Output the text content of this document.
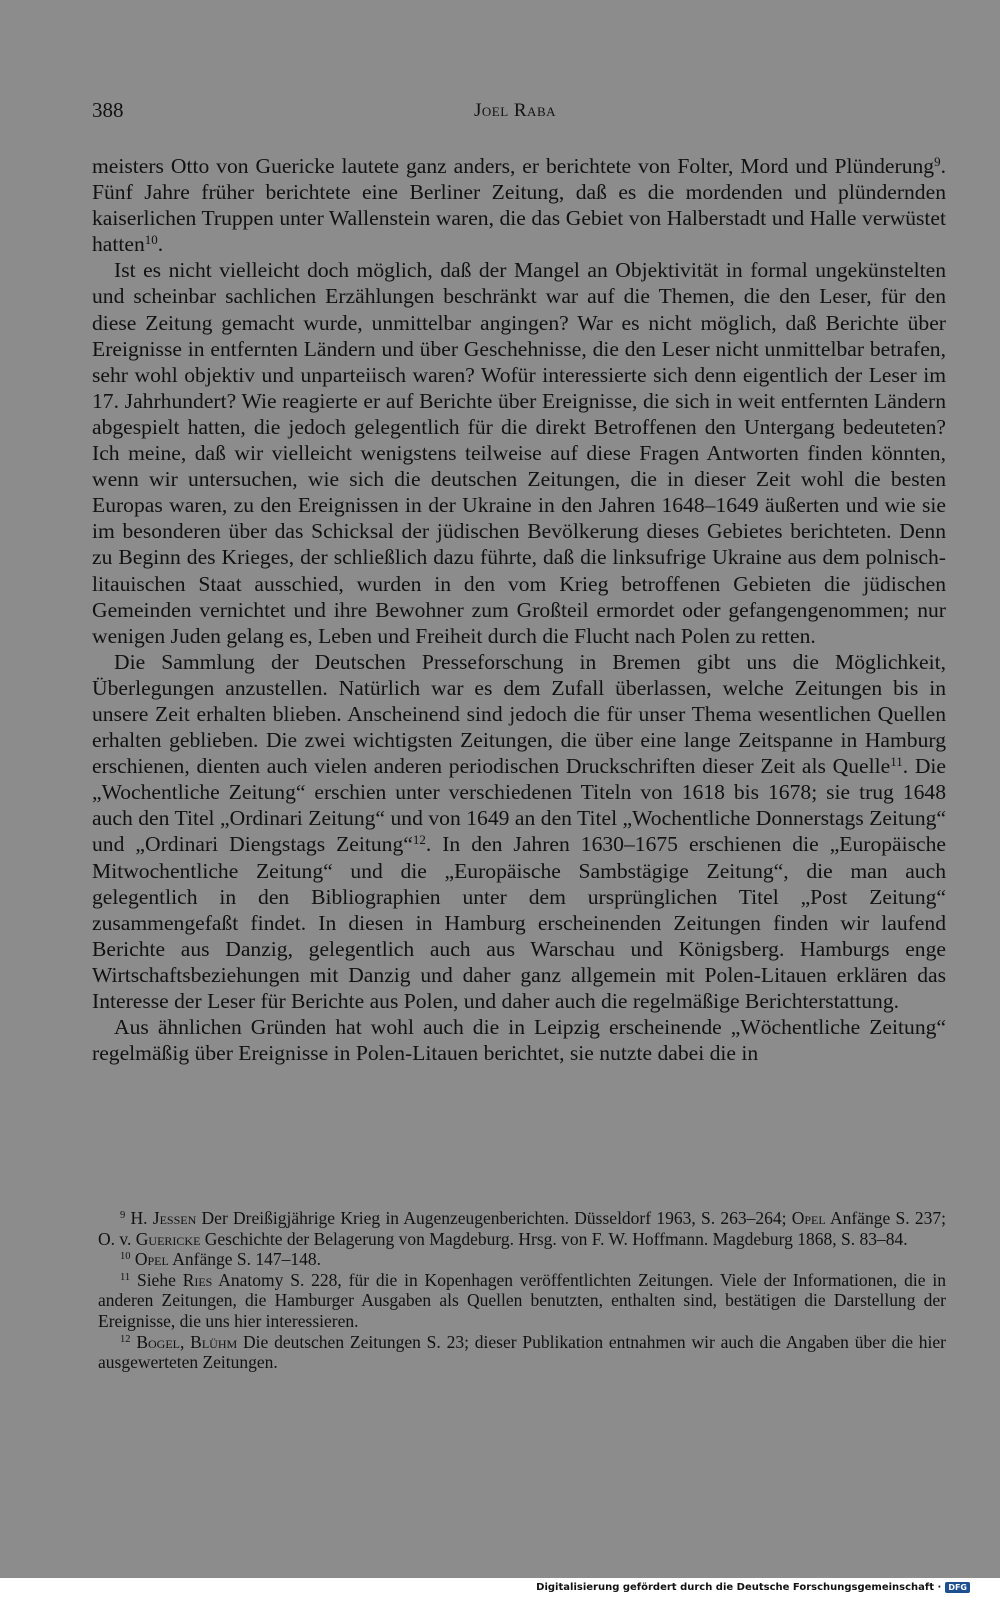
388	Joel Raba

meisters Otto von Guericke lautete ganz anders, er berichtete von Folter, Mord und Plünderung$^9$. Fünf Jahre früher berichtete eine Berliner Zeitung, daß es die mordenden und plündernden kaiserlichen Truppen unter Wallenstein waren, die das Gebiet von Halberstadt und Halle verwüstet hatten$^{10}$.

Ist es nicht vielleicht doch möglich, daß der Mangel an Objektivität in formal ungekünstelten und scheinbar sachlichen Erzählungen beschränkt war auf die Themen, die den Leser, für den diese Zeitung gemacht wurde, unmittelbar angingen? War es nicht möglich, daß Berichte über Ereignisse in entfernten Ländern und über Geschehnisse, die den Leser nicht unmittelbar betrafen, sehr wohl objektiv und unparteiisch waren? Wofür interessierte sich denn eigentlich der Leser im 17. Jahrhundert? Wie reagierte er auf Berichte über Ereignisse, die sich in weit entfernten Ländern abgespielt hatten, die jedoch gelegentlich für die direkt Betroffenen den Untergang bedeuteten? Ich meine, daß wir vielleicht wenigstens teilweise auf diese Fragen Antworten finden könnten, wenn wir untersuchen, wie sich die deutschen Zeitungen, die in dieser Zeit wohl die besten Europas waren, zu den Ereignissen in der Ukraine in den Jahren 1648–1649 äußerten und wie sie im besonderen über das Schicksal der jüdischen Bevölkerung dieses Gebietes berichteten. Denn zu Beginn des Krieges, der schließlich dazu führte, daß die linksufrige Ukraine aus dem polnisch-litauischen Staat ausschied, wurden in den vom Krieg betroffenen Gebieten die jüdischen Gemeinden vernichtet und ihre Bewohner zum Großteil ermordet oder gefangengenommen; nur wenigen Juden gelang es, Leben und Freiheit durch die Flucht nach Polen zu retten.

Die Sammlung der Deutschen Presseforschung in Bremen gibt uns die Möglichkeit, Überlegungen anzustellen. Natürlich war es dem Zufall überlassen, welche Zeitungen bis in unsere Zeit erhalten blieben. Anscheinend sind jedoch die für unser Thema wesentlichen Quellen erhalten geblieben. Die zwei wichtigsten Zeitungen, die über eine lange Zeitspanne in Hamburg erschienen, dienten auch vielen anderen periodischen Druckschriften dieser Zeit als Quelle$^{11}$. Die „Wochentliche Zeitung“ erschien unter verschiedenen Titeln von 1618 bis 1678; sie trug 1648 auch den Titel „Ordinari Zeitung“ und von 1649 an den Titel „Wochentliche Donnerstags Zeitung“ und „Ordinari Diengstags Zeitung“$^{12}$. In den Jahren 1630–1675 erschienen die „Europäische Mitwochentliche Zeitung“ und die „Europäische Sambstägige Zeitung“, die man auch gelegentlich in den Bibliographien unter dem ursprünglichen Titel „Post Zeitung“ zusammengefaßt findet. In diesen in Hamburg erscheinenden Zeitungen finden wir laufend Berichte aus Danzig, gelegentlich auch aus Warschau und Königsberg. Hamburgs enge Wirtschaftsbeziehungen mit Danzig und daher ganz allgemein mit Polen-Litauen erklären das Interesse der Leser für Berichte aus Polen, und daher auch die regelmäßige Berichterstattung.

Aus ähnlichen Gründen hat wohl auch die in Leipzig erscheinende „Wöchentliche Zeitung“ regelmäßig über Ereignisse in Polen-Litauen berichtet, sie nutzte dabei die in

$^9$ H. Jessen Der Dreißigjährige Krieg in Augenzeugenberichten. Düsseldorf 1963, S. 263–264; Opel Anfänge S. 237; O. v. Guericke Geschichte der Belagerung von Magdeburg. Hrsg. von F. W. Hoffmann. Magdeburg 1868, S. 83–84.

$^{10}$ Opel Anfänge S. 147–148.

$^{11}$ Siehe Ries Anatomy S. 228, für die in Kopenhagen veröffentlichten Zeitungen. Viele der Informationen, die in anderen Zeitungen, die Hamburger Ausgaben als Quellen benutzten, enthalten sind, bestätigen die Darstellung der Ereignisse, die uns hier interessieren.

$^{12}$ Bogel, Blühm Die deutschen Zeitungen S. 23; dieser Publikation entnahmen wir auch die Angaben über die hier ausgewerteten Zeitungen.

Digitalisierung gefördert durch die Deutsche Forschungsgemeinschaft · DFG
